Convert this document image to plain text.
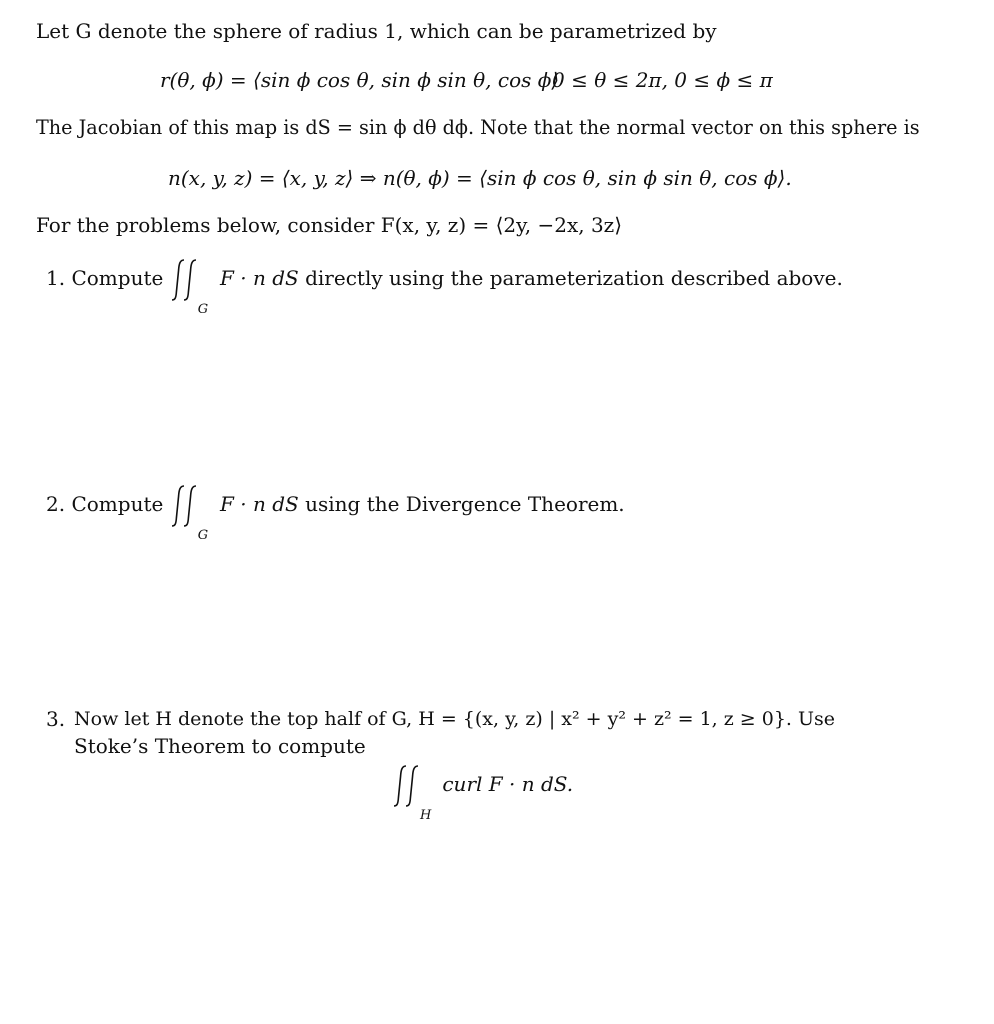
Let G denote the sphere of radius 1, which can be parametrized by
r(θ, ϕ) = ⟨sin ϕ cos θ, sin ϕ sin θ, cos ϕ⟩
0 ≤ θ ≤ 2π, 0 ≤ ϕ ≤ π
The Jacobian of this map is dS = sin ϕ dθ dϕ. Note that the normal vector on this sphere is
n(x, y, z) = ⟨x, y, z⟩ ⇒ n(θ, ϕ) = ⟨sin ϕ cos θ, sin ϕ sin θ, cos ϕ⟩.
For the problems below, consider F(x, y, z) = ⟨2y, −2x, 3z⟩
1. Compute
G
F · n dS directly using the parameterization described above.
2. Compute
G
F · n dS using the Divergence Theorem.
3. Now let H denote the top half of G, H = {(x, y, z) | x² + y² + z² = 1, z ≥ 0}. Use
Stoke’s Theorem to compute
H
curl F · n dS.
